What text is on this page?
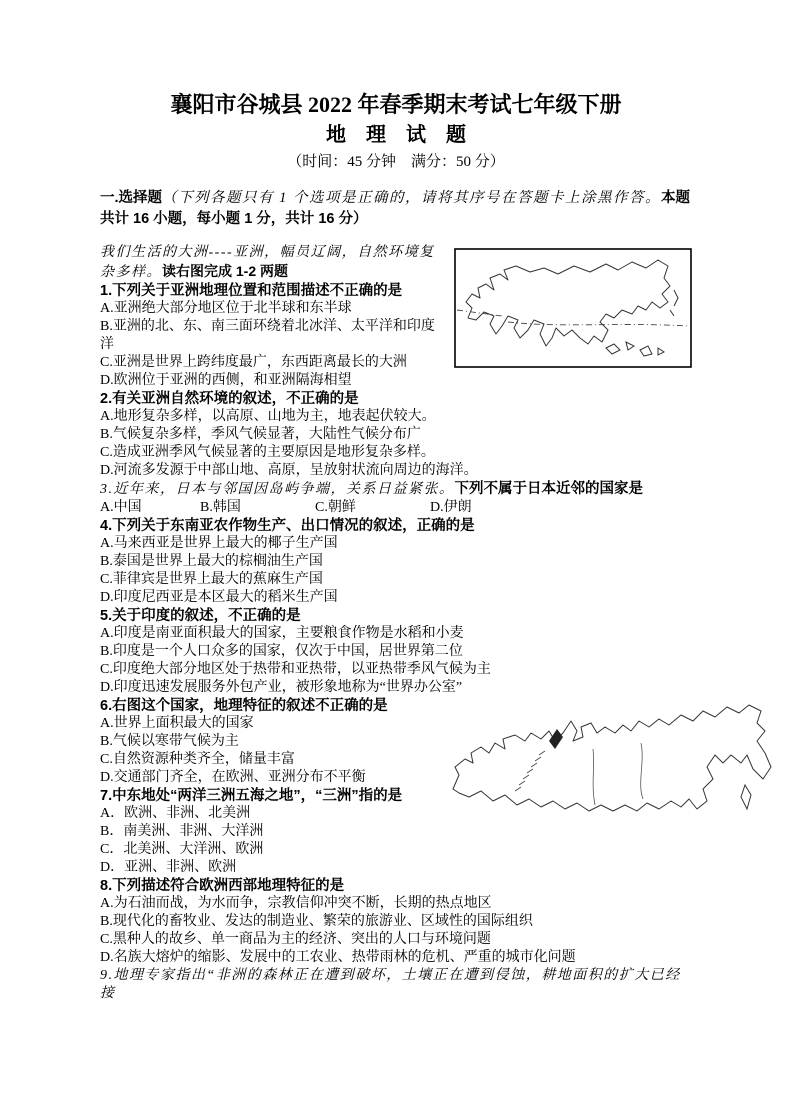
襄阳市谷城县 2022 年春季期末考试七年级下册

地　理　试　题

（时间：45 分钟　满分：50 分）

一.选择题（下列各题只有 1 个选项是正确的，请将其序号在答题卡上涂黑作答。本题共计 16 小题，每小题 1 分，共计 16 分）

我们生活的大洲----亚洲，幅员辽阔，自然环境复杂多样。读右图完成 1-2 两题

1.下列关于亚洲地理位置和范围描述不正确的是

A.亚洲绝大部分地区位于北半球和东半球

B.亚洲的北、东、南三面环绕着北冰洋、太平洋和印度洋

C.亚洲是世界上跨纬度最广，东西距离最长的大洲

D.欧洲位于亚洲的西侧，和亚洲隔海相望

2.有关亚洲自然环境的叙述，不正确的是

A.地形复杂多样，以高原、山地为主，地表起伏较大。

B.气候复杂多样，季风气候显著，大陆性气候分布广

C.造成亚洲季风气候显著的主要原因是地形复杂多样。

D.河流多发源于中部山地、高原，呈放射状流向周边的海洋。

3.近年来，日本与邻国因岛屿争端，关系日益紧张。下列不属于日本近邻的国家是

A.中国	B.韩国	C.朝鲜	D.伊朗

4.下列关于东南亚农作物生产、出口情况的叙述，正确的是

A.马来西亚是世界上最大的椰子生产国

B.泰国是世界上最大的棕榈油生产国

C.菲律宾是世界上最大的蕉麻生产国

D.印度尼西亚是本区最大的稻米生产国

5.关于印度的叙述，不正确的是

A.印度是南亚面积最大的国家，主要粮食作物是水稻和小麦

B.印度是一个人口众多的国家，仅次于中国，居世界第二位

C.印度绝大部分地区处于热带和亚热带，以亚热带季风气候为主

D.印度迅速发展服务外包产业，被形象地称为“世界办公室”

6.右图这个国家，地理特征的叙述不正确的是

A.世界上面积最大的国家

B.气候以寒带气候为主

C.自然资源种类齐全，储量丰富

D.交通部门齐全，在欧洲、亚洲分布不平衡

7.中东地处“两洋三洲五海之地”，“三洲”指的是

A．欧洲、非洲、北美洲

B．南美洲、非洲、大洋洲

C．北美洲、大洋洲、欧洲

D．亚洲、非洲、欧洲

8.下列描述符合欧洲西部地理特征的是

A.为石油而战，为水而争，宗教信仰冲突不断，长期的热点地区

B.现代化的畜牧业、发达的制造业、繁荣的旅游业、区域性的国际组织

C.黑种人的故乡、单一商品为主的经济、突出的人口与环境问题

D.名族大熔炉的缩影、发展中的工农业、热带雨林的危机、严重的城市化问题

9.地理专家指出“非洲的森林正在遭到破坏，土壤正在遭到侵蚀，耕地面积的扩大已经接
